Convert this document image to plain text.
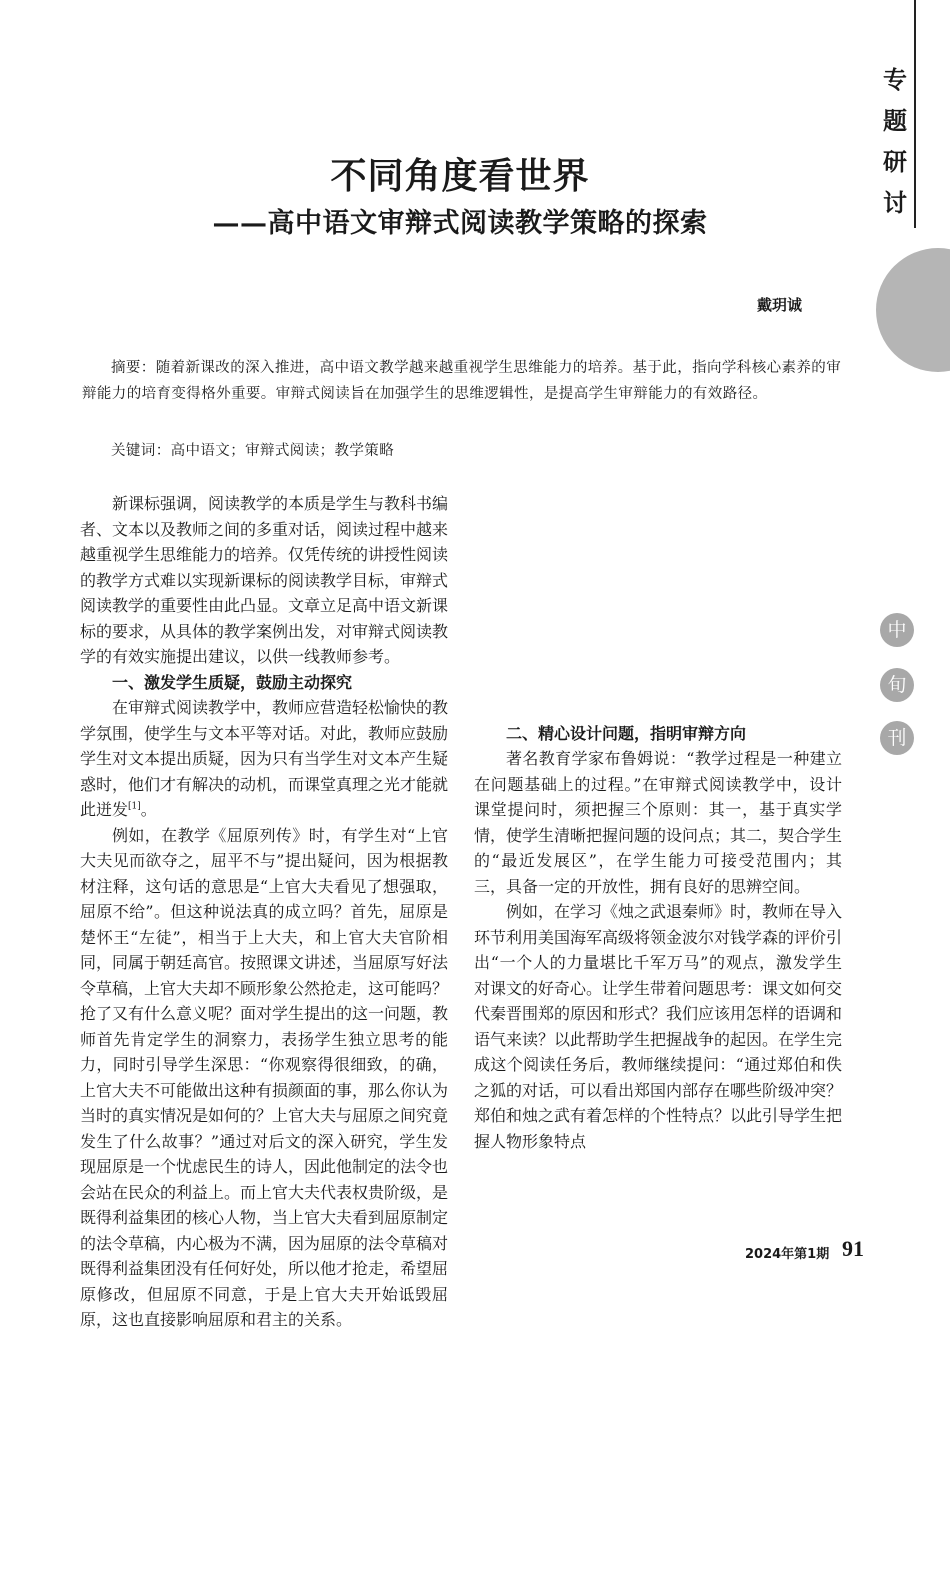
专
题
研
讨
中
旬
刊
不同角度看世界
——高中语文审辩式阅读教学策略的探索
戴玥诚

摘要：随着新课改的深入推进，高中语文教学越来越重视学生思维能力的培养。基于此，指向学科核心素养的审辩能力的培育变得格外重要。审辩式阅读旨在加强学生的思维逻辑性，是提高学生审辩能力的有效路径。

关键词：高中语文；审辩式阅读；教学策略

新课标强调，阅读教学的本质是学生与教科书编者、文本以及教师之间的多重对话，阅读过程中越来越重视学生思维能力的培养。仅凭传统的讲授性阅读的教学方式难以实现新课标的阅读教学目标，审辩式阅读教学的重要性由此凸显。文章立足高中语文新课标的要求，从具体的教学案例出发，对审辩式阅读教学的有效实施提出建议，以供一线教师参考。

一、激发学生质疑，鼓励主动探究

在审辩式阅读教学中，教师应营造轻松愉快的教学氛围，使学生与文本平等对话。对此，教师应鼓励学生对文本提出质疑，因为只有当学生对文本产生疑惑时，他们才有解决的动机，而课堂真理之光才能就此迸发[1]。

例如，在教学《屈原列传》时，有学生对“上官大夫见而欲夺之，屈平不与”提出疑问，因为根据教材注释，这句话的意思是“上官大夫看见了想强取，屈原不给”。但这种说法真的成立吗？首先，屈原是楚怀王“左徒”，相当于上大夫，和上官大夫官阶相同，同属于朝廷高官。按照课文讲述，当屈原写好法令草稿，上官大夫却不顾形象公然抢走，这可能吗？抢了又有什么意义呢？面对学生提出的这一问题，教师首先肯定学生的洞察力，表扬学生独立思考的能力，同时引导学生深思：“你观察得很细致，的确，上官大夫不可能做出这种有损颜面的事，那么你认为当时的真实情况是如何的？上官大夫与屈原之间究竟发生了什么故事？”通过对后文的深入研究，学生发现屈原是一个忧虑民生的诗人，因此他制定的法令也会站在民众的利益上。而上官大夫代表权贵阶级，是既得利益集团的核心人物，当上官大夫看到屈原制定的法令草稿，内心极为不满，因为屈原的法令草稿对既得利益集团没有任何好处，所以他才抢走，希望屈原修改，但屈原不同意，于是上官大夫开始诋毁屈原，这也直接影响屈原和君主的关系。

二、精心设计问题，指明审辩方向

著名教育学家布鲁姆说：“教学过程是一种建立在问题基础上的过程。”在审辩式阅读教学中，设计课堂提问时，须把握三个原则：其一，基于真实学情，使学生清晰把握问题的设问点；其二，契合学生的“最近发展区”，在学生能力可接受范围内；其三，具备一定的开放性，拥有良好的思辨空间。

例如，在学习《烛之武退秦师》时，教师在导入环节利用美国海军高级将领金波尔对钱学森的评价引出“一个人的力量堪比千军万马”的观点，激发学生对课文的好奇心。让学生带着问题思考：课文如何交代秦晋围郑的原因和形式？我们应该用怎样的语调和语气来读？以此帮助学生把握战争的起因。在学生完成这个阅读任务后，教师继续提问：“通过郑伯和佚之狐的对话，可以看出郑国内部存在哪些阶级冲突？郑伯和烛之武有着怎样的个性特点？以此引导学生把握人物形象特点

2024年第1期 91
